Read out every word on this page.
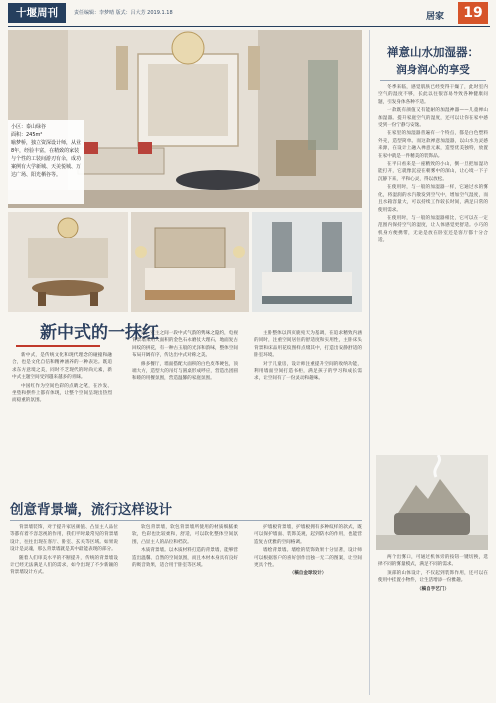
十堰周刊	责任编辑：李梦晴 版式：吕大芳 2019.1.18	居家	19
小区：泰山绿谷
面积：245m²
喻梦桥，独立资深设计师，从业8年，经验丰富，在精致的家装与个性的工装间游刃有余，成功案例有大学新城、天美悦城、万达广场、阳光栖谷等。
新中式的一抹红

新中式，是传统文化和现代理念的碰撞和融合，也是文化自信和精神涵养的一种表达。既追求东方意境之美，同时不乏现代的时尚元素，新中式主题空间受到越来越多的青睐。

中国红作为空间色彩的点睛之笔，在沙发、坐垫和摆件上都有体现，让整个空间呈现出热烈而稳重的氛围。

近，室主之间一段中式气韵的隽味之隐约，电视背景墙采用大面积的金色石永磨仗大理石，地面复古回纹的拼花，有一种古玉般的光泽和韵味，整体空间布局开阔有序，传达出中式对称之美。

修多餐厅，墙面搭配大面积的白色皮革硬包，顶端大方，造型大的吊灯与圆桌形成呼应，营造出团圆和睦的用餐氛围，营造温馨的家庭氛围。

主卧整体以四页鹿宛天为基调，在追求精致内涵的同时，注重空间居住的舒适度和实用性，主卧床头背景和床品用花纹图样点缀其中，打造出安静舒适的卧室环境。

对于儿童房，设计师注重提升空间的收纳功能，利用墙面空间打造书柜，满足孩子的学习和成长需求，让空间有了一份灵动和趣味。

创意背景墙，流行这样设计

背景墙装饰，对于提升家居颜值、凸显主人品位等都有着不容忽视的作用，我们平时最常见的背景墙设计，往往出现在客厅、卧室、玄关等区域。如果说设计是灵魂，那么背景墙就是其中最能表现的部分。

随着人们审美水平的不断提升，传统的背景墙设计已经无法满足人们的需求，如今出现了不少新颖的背景墙设计方式。

软包背景墙，软包背景墙所使用的材质细腻柔软，色彩也比较柔和，舒适，可以软化整体空间氛围，凸显主人的品位和档次。

木质背景墙。以木质材料打造的背景墙，能够营造出温馨、自然的空间氛围，而且木材本身具有良好的吸音效果，适合用于卧室等区域。

护墙板背景墙，护墙板拥有多种纹样的款式，既可以保护墙面、装饰美观，起到防水的作用，也能营造复古优雅的空间格调。

墙绘背景墙。墙绘的装饰效果十分显著，设计师可以根据客户的喜好创作出独一无二的图案，让空间更具个性。

（稿自金球设计）

禅意山水加湿器：
润身润心的享受

冬季来临，感觉肌肤已经变得干燥了，此时室内空气的湿度不够，长此以往很容易导致各种健康问题，引发身体各种不适。

一款既有颜值又有能耐的加湿神器——儿童禅山加湿器。提升家庭空气的湿度，还可以让你在家中感受到一份宁静与安逸。

在家里的加湿器普遍有一个特点，都是白色塑料外壳，造型简单。而这款禅意加湿器，以山水为灵感来源，在设计上融入禅意元素，造型优美独特，放置在家中就是一件精美的装饰品。

在平日看来是一座精致的小山，倒一旦把加湿功能打开，它就像沉浸在朝雾中的深山，让心境一下子沉静下来，平和心灵，得以放松。

在使用时，与一般的加湿器一样，它通过水的雾化，将湿润的水汽散发到空气中，增加空气湿度，而且水箱容量大，可以持续工作较长时间，满足日常的使用需求。

在使用时，与一般的加湿器相比，它可以在一定范围内保持空气的湿度，让人体感觉更舒适。小巧的机身方便携带，无论是放在卧室还是客厅都十分合适。

两个出雾口，可通过机体旁的按钮一键切换，选择不同的雾量模式，满足不同的需求。

顶部的山体设计，不仅起到装饰作用，还可以在使用中挂置小物件，让生活增添一份雅趣。

（稿自手艺门）
